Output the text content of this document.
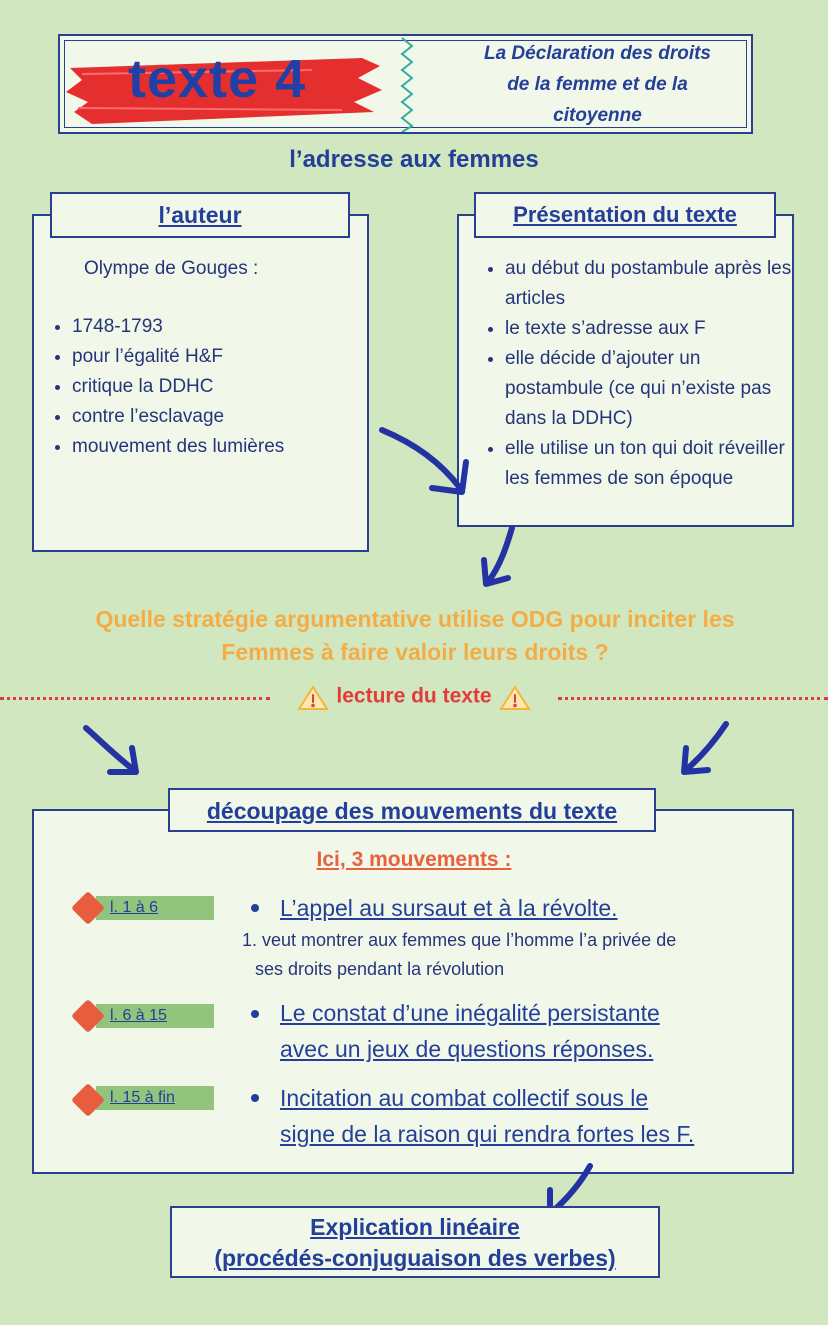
texte 4	La Déclaration des droits
de la femme et de la
citoyenne
l’adresse aux femmes
Olympe de Gouges :
• 1748-1793
• pour l’égalité H&F
• critique la DDHC
• contre l’esclavage
• mouvement des lumières
l’auteur
• au début du postambule après les articles
• le texte s’adresse aux F
• elle décide d’ajouter un postambule (ce qui n’existe pas dans la DDHC)
• elle utilise un ton qui doit réveiller les femmes de son époque
Présentation du texte
Quelle stratégie argumentative utilise ODG pour inciter les
Femmes à faire valoir leurs droits ?
lecture du texte
découpage des mouvements du texte
Ici, 3 mouvements :
l. 1 à 6	L’appel au sursaut et à la révolte.
1. veut montrer aux femmes que l’homme l’a privée de
ses droits pendant la révolution
l. 6 à 15	Le constat d’une inégalité persistante
avec un jeux de questions réponses.
l. 15 à fin	Incitation au combat collectif sous le
signe de la raison qui rendra fortes les F.
Explication linéaire
(procédés-conjuguaison des verbes)
